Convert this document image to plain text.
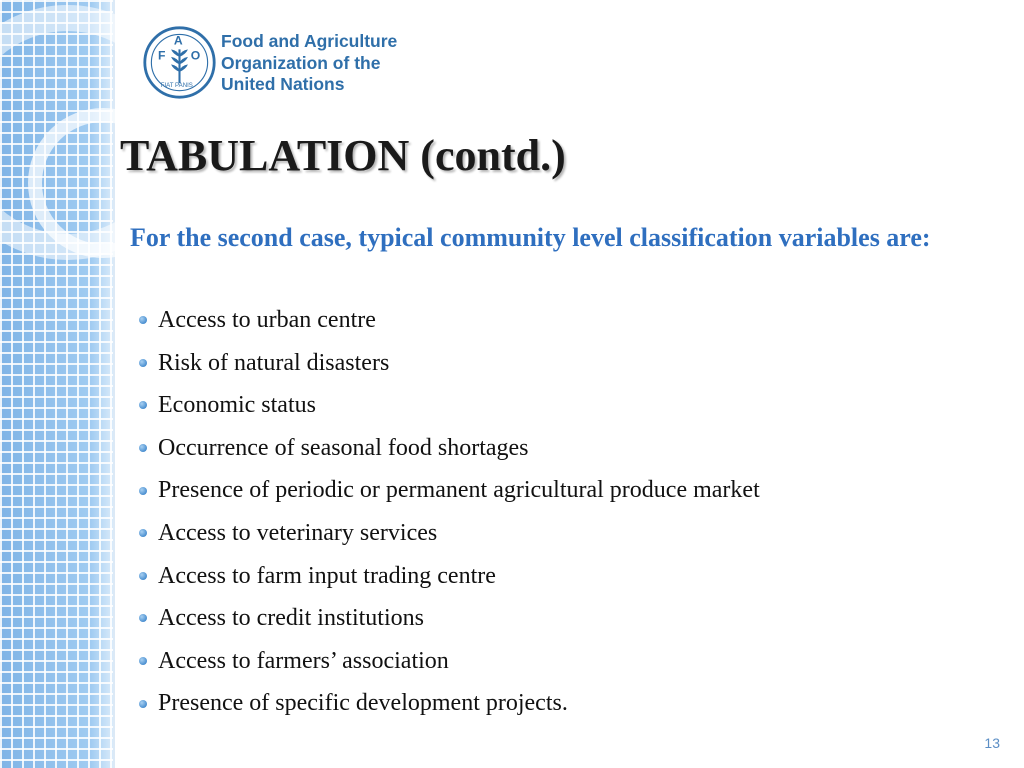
F
A
O
FIAT PANIS
Food and Agriculture
Organization of the
United Nations
TABULATION (contd.)

For the second case, typical community level classification variables are:

Access to urban centre
Risk of natural disasters
Economic status
Occurrence of seasonal food shortages
Presence of periodic or permanent agricultural produce market
Access to veterinary services
Access to farm input trading centre
Access to credit institutions
Access to farmers’ association
Presence of specific development projects.
13
